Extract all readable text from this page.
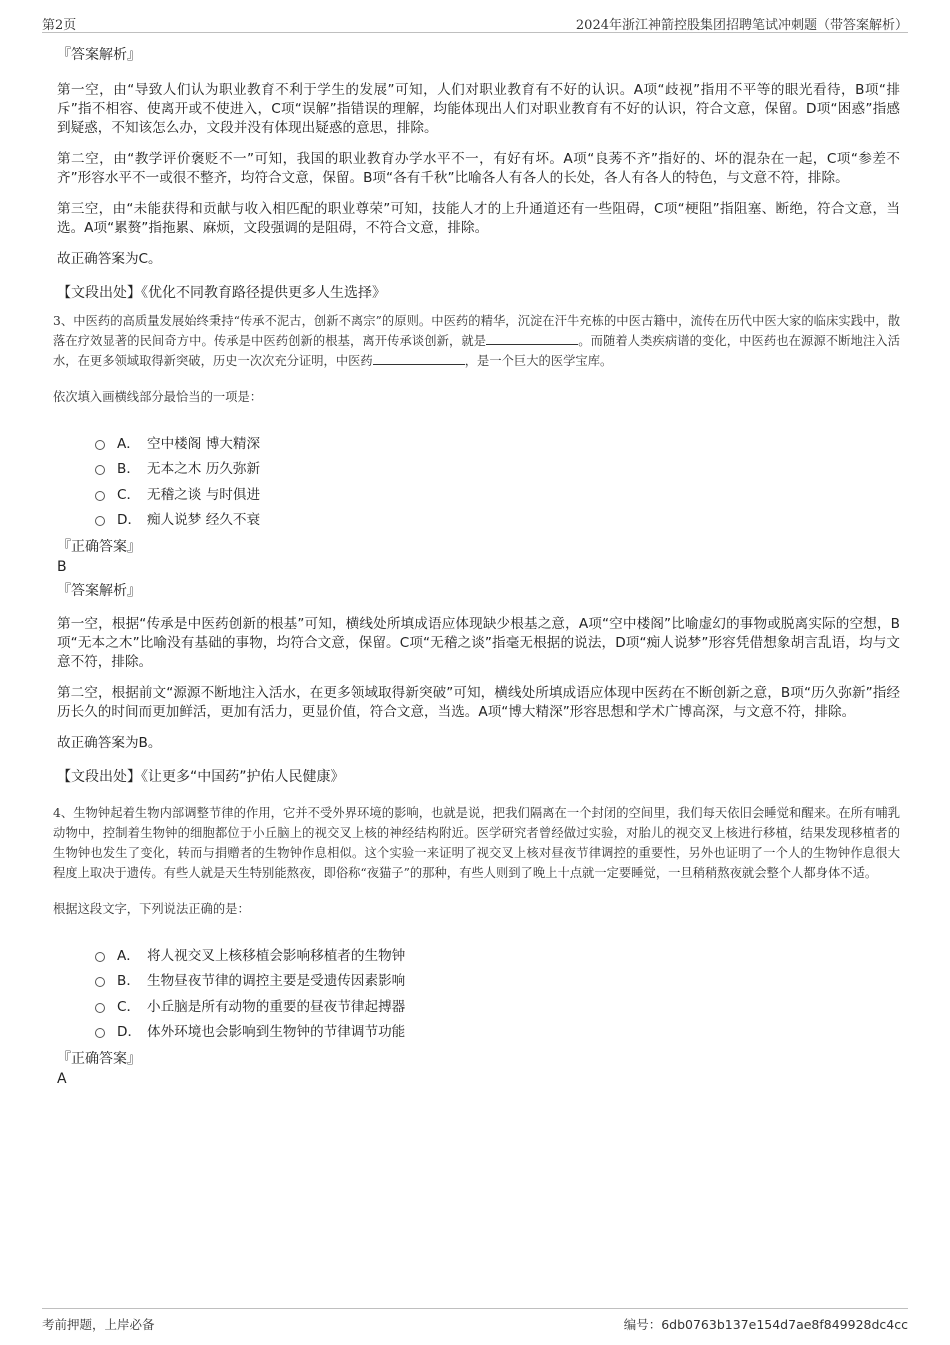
第2页	2024年浙江神箭控股集团招聘笔试冲刺题（带答案解析）
『答案解析』

第一空，由“导致人们认为职业教育不利于学生的发展”可知，人们对职业教育有不好的认识。A项“歧视”指用不平等的眼光看待，B项“排斥”指不相容、使离开或不使进入，C项“误解”指错误的理解，均能体现出人们对职业教育有不好的认识，符合文意，保留。D项“困惑”指感到疑惑，不知该怎么办，文段并没有体现出疑惑的意思，排除。

第二空，由“教学评价褒贬不一”可知，我国的职业教育办学水平不一，有好有坏。A项“良莠不齐”指好的、坏的混杂在一起，C项“参差不齐”形容水平不一或很不整齐，均符合文意，保留。B项“各有千秋”比喻各人有各人的长处，各人有各人的特色，与文意不符，排除。

第三空，由“未能获得和贡献与收入相匹配的职业尊荣”可知，技能人才的上升通道还有一些阻碍，C项“梗阻”指阻塞、断绝，符合文意，当选。A项“累赘”指拖累、麻烦，文段强调的是阻碍，不符合文意，排除。

故正确答案为C。

【文段出处】《优化不同教育路径提供更多人生选择》
3、中医药的高质量发展始终秉持“传承不泥古，创新不离宗”的原则。中医药的精华，沉淀在汗牛充栋的中医古籍中，流传在历代中医大家的临床实践中，散落在疗效显著的民间奇方中。传承是中医药创新的根基，离开传承谈创新，就是	。而随着人类疾病谱的变化，中医药也在源源不断地注入活水，在更多领域取得新突破，历史一次次充分证明，中医药	，是一个巨大的医学宝库。
依次填入画横线部分最恰当的一项是：
A． 空中楼阁 博大精深
B． 无本之木 历久弥新
C． 无稽之谈 与时俱进
D． 痴人说梦 经久不衰
『正确答案』
B
『答案解析』

第一空，根据“传承是中医药创新的根基”可知，横线处所填成语应体现缺少根基之意，A项“空中楼阁”比喻虚幻的事物或脱离实际的空想，B项“无本之木”比喻没有基础的事物，均符合文意，保留。C项“无稽之谈”指毫无根据的说法，D项“痴人说梦”形容凭借想象胡言乱语，均与文意不符，排除。

第二空，根据前文“源源不断地注入活水，在更多领域取得新突破”可知，横线处所填成语应体现中医药在不断创新之意，B项“历久弥新”指经历长久的时间而更加鲜活，更加有活力，更显价值，符合文意，当选。A项“博大精深”形容思想和学术广博高深，与文意不符，排除。

故正确答案为B。

【文段出处】《让更多“中国药”护佑人民健康》
4、生物钟起着生物内部调整节律的作用，它并不受外界环境的影响，也就是说，把我们隔离在一个封闭的空间里，我们每天依旧会睡觉和醒来。在所有哺乳动物中，控制着生物钟的细胞都位于小丘脑上的视交叉上核的神经结构附近。医学研究者曾经做过实验，对胎儿的视交叉上核进行移植，结果发现移植者的生物钟也发生了变化，转而与捐赠者的生物钟作息相似。这个实验一来证明了视交叉上核对昼夜节律调控的重要性，另外也证明了一个人的生物钟作息很大程度上取决于遗传。有些人就是天生特别能熬夜，即俗称“夜猫子”的那种，有些人则到了晚上十点就一定要睡觉，一旦稍稍熬夜就会整个人都身体不适。
根据这段文字，下列说法正确的是：
A． 将人视交叉上核移植会影响移植者的生物钟
B． 生物昼夜节律的调控主要是受遗传因素影响
C． 小丘脑是所有动物的重要的昼夜节律起搏器
D． 体外环境也会影响到生物钟的节律调节功能
『正确答案』
A
考前押题，上岸必备	编号：6db0763b137e154d7ae8f849928dc4cc
